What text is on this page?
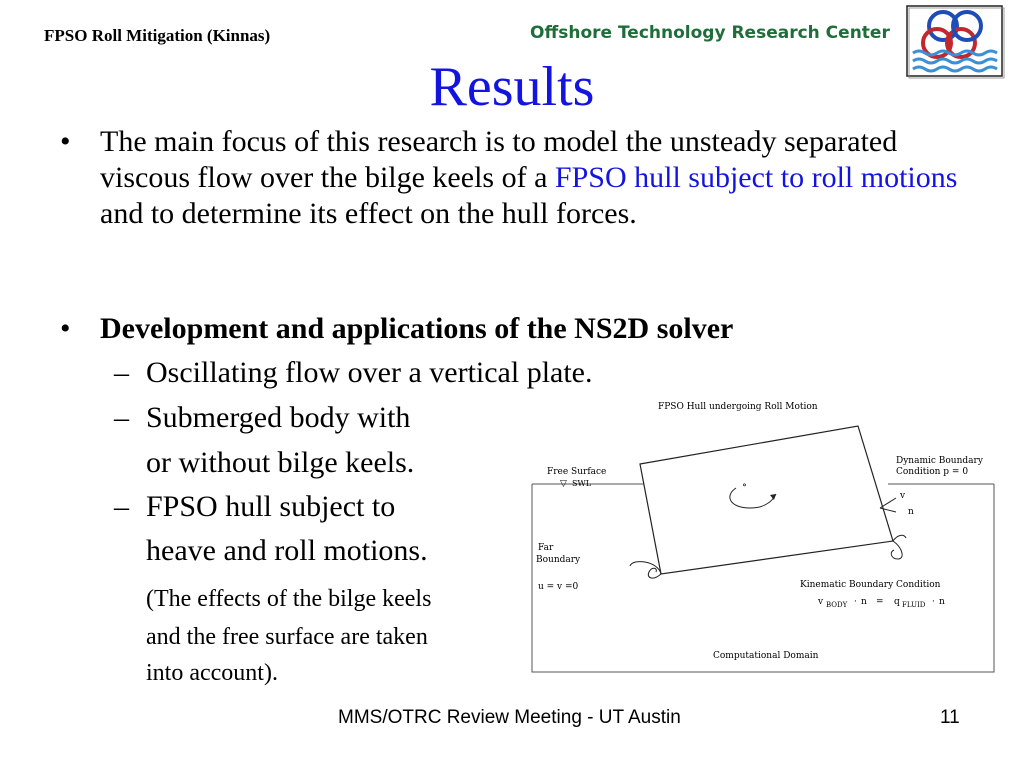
FPSO Roll Mitigation (Kinnas)	Offshore Technology Research Center
Results
• The main focus of this research is to model the unsteady separated viscous flow over the bilge keels of a FPSO hull subject to roll motions and to determine its effect on the hull forces.
• Development and applications of the NS2D solver
– Oscillating flow over a vertical plate.
– Submerged body with
or without bilge keels.
– FPSO hull subject to
heave and roll motions.
(The effects of the bilge keels
and the free surface are taken
into account).
FPSO Hull undergoing Roll Motion
∘
v
n
Free Surface
▽ SWL
Dynamic Boundary
Condition p = 0
Far
Boundary
u = v =0	Kinematic Boundary Condition
v BODY · n = q FLUID · n
Computational Domain
MMS/OTRC Review Meeting - UT Austin	11
